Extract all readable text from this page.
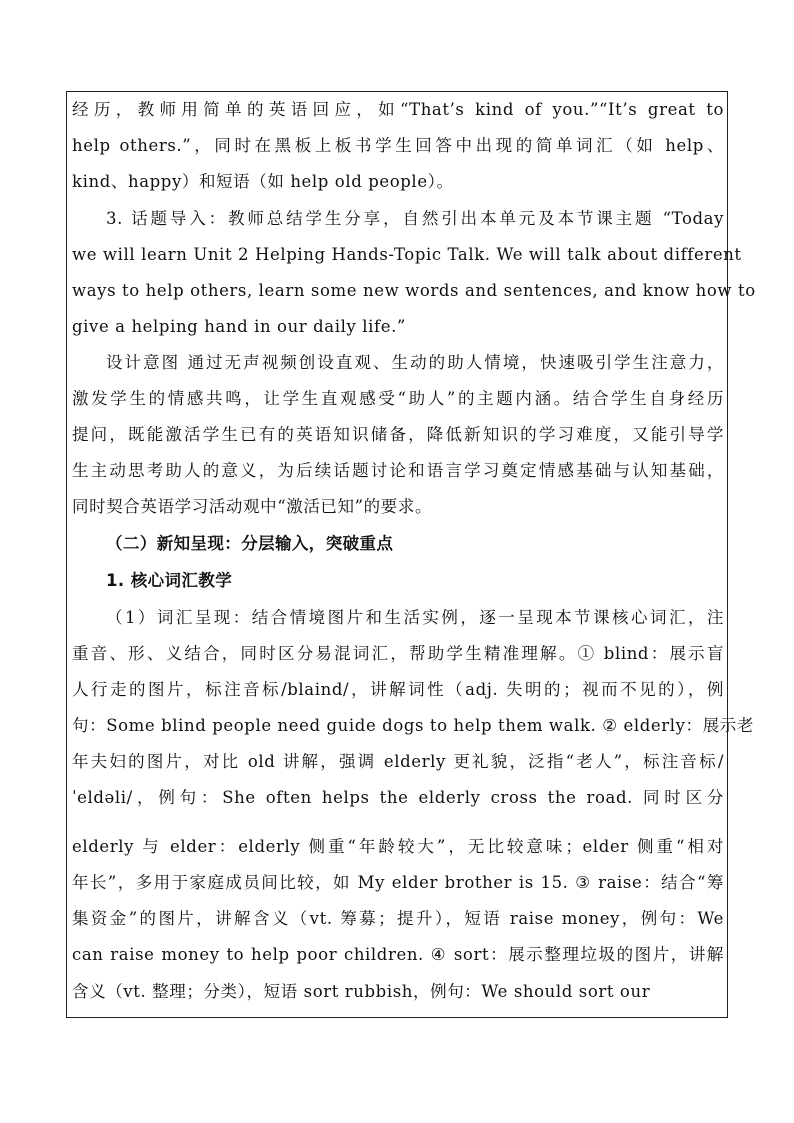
经历，教师用简单的英语回应，如“That’s kind of you.”“It’s great to
help others.”，同时在黑板上板书学生回答中出现的简单词汇（如 help、
kind、happy）和短语（如 help old people）。
3. 话题导入：教师总结学生分享，自然引出本单元及本节课主题 “Today
we will learn Unit 2 Helping Hands-Topic Talk. We will talk about different
ways to help others, learn some new words and sentences, and know how to
give a helping hand in our daily life.”
设计意图 通过无声视频创设直观、生动的助人情境，快速吸引学生注意力，
激发学生的情感共鸣，让学生直观感受“助人”的主题内涵。结合学生自身经历
提问，既能激活学生已有的英语知识储备，降低新知识的学习难度，又能引导学
生主动思考助人的意义，为后续话题讨论和语言学习奠定情感基础与认知基础，
同时契合英语学习活动观中“激活已知”的要求。
（二）新知呈现：分层输入，突破重点
1. 核心词汇教学
（1）词汇呈现：结合情境图片和生活实例，逐一呈现本节课核心词汇，注
重音、形、义结合，同时区分易混词汇，帮助学生精准理解。① blind：展示盲
人行走的图片，标注音标/blaind/，讲解词性（adj. 失明的；视而不见的），例
句：Some blind people need guide dogs to help them walk. ② elderly：展示老
年夫妇的图片，对比 old 讲解，强调 elderly 更礼貌，泛指“老人”，标注音标/
ˈeldəli/，例句：She often helps the elderly cross the road. 同时区分
elderly 与 elder：elderly 侧重“年龄较大”，无比较意味；elder 侧重“相对
年长”，多用于家庭成员间比较，如 My elder brother is 15. ③ raise：结合“筹
集资金”的图片，讲解含义（vt. 筹募；提升），短语 raise money，例句：We
can raise money to help poor children. ④ sort：展示整理垃圾的图片，讲解
含义（vt. 整理；分类），短语 sort rubbish，例句：We should sort our
